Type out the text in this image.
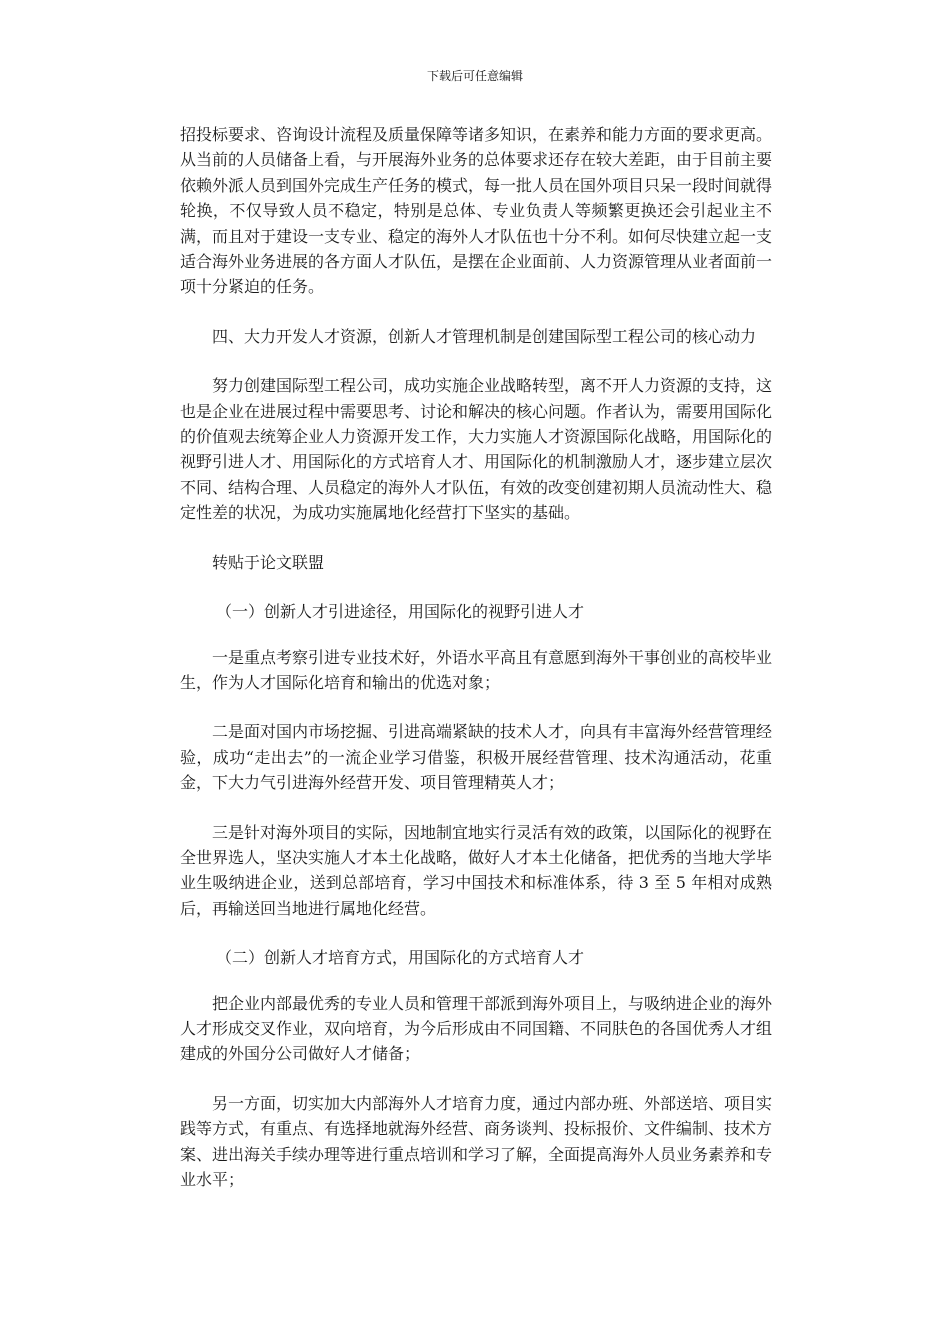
下载后可任意编辑

招投标要求、咨询设计流程及质量保障等诸多知识，在素养和能力方面的要求更高。从当前的人员储备上看，与开展海外业务的总体要求还存在较大差距，由于目前主要依赖外派人员到国外完成生产任务的模式，每一批人员在国外项目只呆一段时间就得轮换，不仅导致人员不稳定，特别是总体、专业负责人等频繁更换还会引起业主不满，而且对于建设一支专业、稳定的海外人才队伍也十分不利。如何尽快建立起一支适合海外业务进展的各方面人才队伍，是摆在企业面前、人力资源管理从业者面前一项十分紧迫的任务。

四、大力开发人才资源，创新人才管理机制是创建国际型工程公司的核心动力

努力创建国际型工程公司，成功实施企业战略转型，离不开人力资源的支持，这也是企业在进展过程中需要思考、讨论和解决的核心问题。作者认为，需要用国际化的价值观去统筹企业人力资源开发工作，大力实施人才资源国际化战略，用国际化的视野引进人才、用国际化的方式培育人才、用国际化的机制激励人才，逐步建立层次不同、结构合理、人员稳定的海外人才队伍，有效的改变创建初期人员流动性大、稳定性差的状况，为成功实施属地化经营打下坚实的基础。

转贴于论文联盟

（一）创新人才引进途径，用国际化的视野引进人才

一是重点考察引进专业技术好，外语水平高且有意愿到海外干事创业的高校毕业生，作为人才国际化培育和输出的优选对象；

二是面对国内市场挖掘、引进高端紧缺的技术人才，向具有丰富海外经营管理经验，成功“走出去”的一流企业学习借鉴，积极开展经营管理、技术沟通活动，花重金，下大力气引进海外经营开发、项目管理精英人才；

三是针对海外项目的实际，因地制宜地实行灵活有效的政策，以国际化的视野在全世界选人，坚决实施人才本土化战略，做好人才本土化储备，把优秀的当地大学毕业生吸纳进企业，送到总部培育，学习中国技术和标准体系，待 3 至 5 年相对成熟后，再输送回当地进行属地化经营。

（二）创新人才培育方式，用国际化的方式培育人才

把企业内部最优秀的专业人员和管理干部派到海外项目上，与吸纳进企业的海外人才形成交叉作业，双向培育，为今后形成由不同国籍、不同肤色的各国优秀人才组建成的外国分公司做好人才储备；

另一方面，切实加大内部海外人才培育力度，通过内部办班、外部送培、项目实践等方式，有重点、有选择地就海外经营、商务谈判、投标报价、文件编制、技术方案、进出海关手续办理等进行重点培训和学习了解，全面提高海外人员业务素养和专业水平；
